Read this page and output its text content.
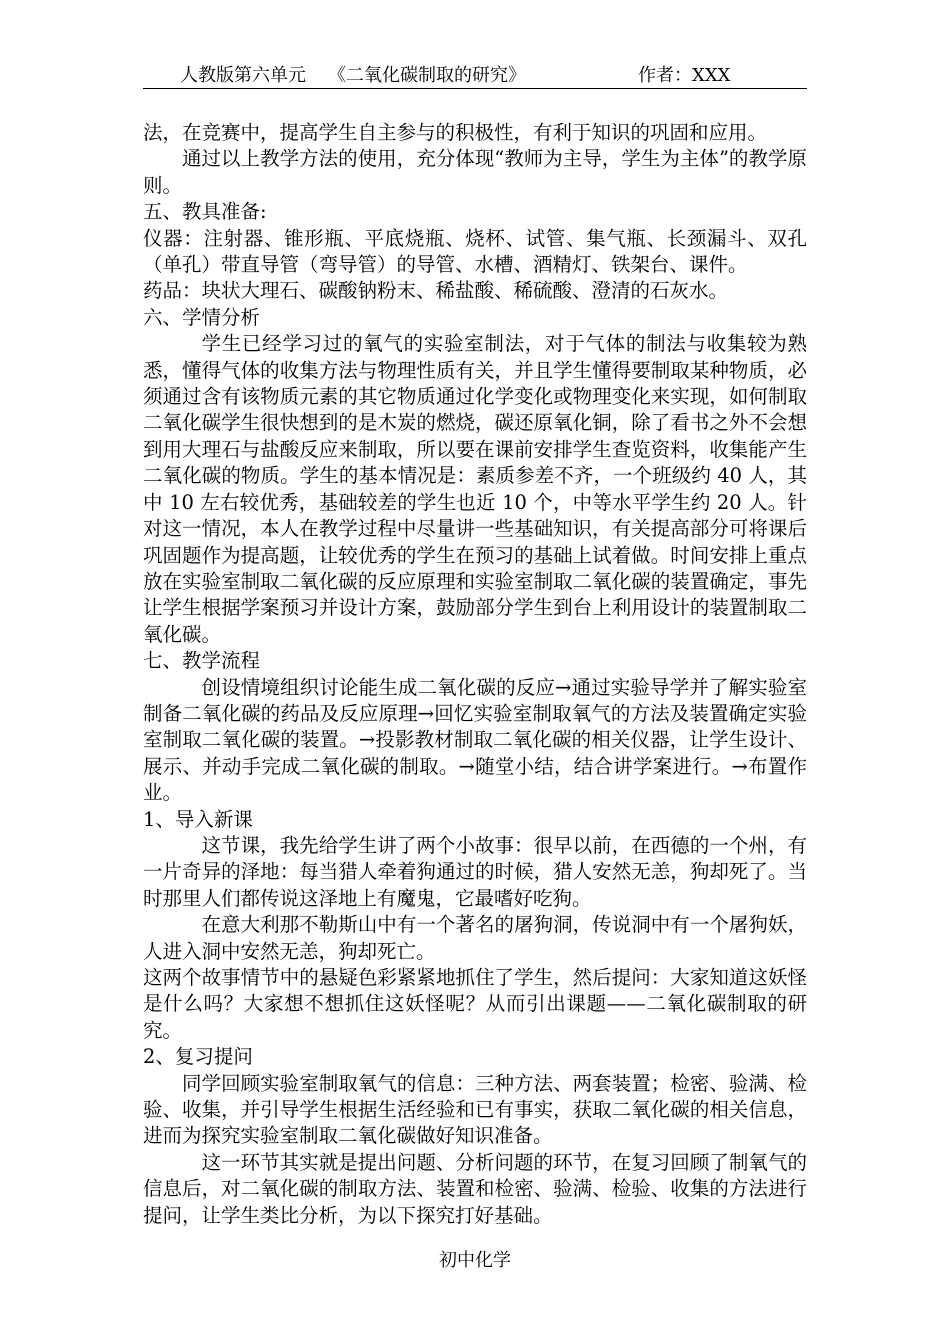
人教版第六单元 《二氧化碳制取的研究》	作者：XXX

法，在竞赛中，提高学生自主参与的积极性，有利于知识的巩固和应用。

通过以上教学方法的使用，充分体现“教师为主导，学生为主体”的教学原则。

五、教具准备:

仪器：注射器、锥形瓶、平底烧瓶、烧杯、试管、集气瓶、长颈漏斗、双孔（单孔）带直导管（弯导管）的导管、水槽、酒精灯、铁架台、课件。

药品：块状大理石、碳酸钠粉末、稀盐酸、稀硫酸、澄清的石灰水。

六、学情分析

学生已经学习过的氧气的实验室制法，对于气体的制法与收集较为熟悉，懂得气体的收集方法与物理性质有关，并且学生懂得要制取某种物质，必须通过含有该物质元素的其它物质通过化学变化或物理变化来实现，如何制取二氧化碳学生很快想到的是木炭的燃烧，碳还原氧化铜，除了看书之外不会想到用大理石与盐酸反应来制取，所以要在课前安排学生查览资料，收集能产生二氧化碳的物质。学生的基本情况是：素质参差不齐，一个班级约 40 人，其中 10 左右较优秀，基础较差的学生也近 10 个，中等水平学生约 20 人。针对这一情况，本人在教学过程中尽量讲一些基础知识，有关提高部分可将课后巩固题作为提高题，让较优秀的学生在预习的基础上试着做。时间安排上重点放在实验室制取二氧化碳的反应原理和实验室制取二氧化碳的装置确定，事先让学生根据学案预习并设计方案，鼓励部分学生到台上利用设计的装置制取二氧化碳。

七、教学流程

创设情境组织讨论能生成二氧化碳的反应→通过实验导学并了解实验室制备二氧化碳的药品及反应原理→回忆实验室制取氧气的方法及装置确定实验室制取二氧化碳的装置。→投影教材制取二氧化碳的相关仪器，让学生设计、展示、并动手完成二氧化碳的制取。→随堂小结，结合讲学案进行。→布置作业。

1、导入新课

这节课，我先给学生讲了两个小故事：很早以前，在西德的一个州，有一片奇异的泽地：每当猎人牵着狗通过的时候，猎人安然无恙，狗却死了。当时那里人们都传说这泽地上有魔鬼，它最嗜好吃狗。

在意大利那不勒斯山中有一个著名的屠狗洞，传说洞中有一个屠狗妖，人进入洞中安然无恙，狗却死亡。

这两个故事情节中的悬疑色彩紧紧地抓住了学生，然后提问：大家知道这妖怪是什么吗？大家想不想抓住这妖怪呢？从而引出课题——二氧化碳制取的研究。

2、复习提问

同学回顾实验室制取氧气的信息：三种方法、两套装置；检密、验满、检验、收集，并引导学生根据生活经验和已有事实，获取二氧化碳的相关信息，进而为探究实验室制取二氧化碳做好知识准备。

这一环节其实就是提出问题、分析问题的环节，在复习回顾了制氧气的信息后，对二氧化碳的制取方法、装置和检密、验满、检验、收集的方法进行提问，让学生类比分析，为以下探究打好基础。

初中化学
